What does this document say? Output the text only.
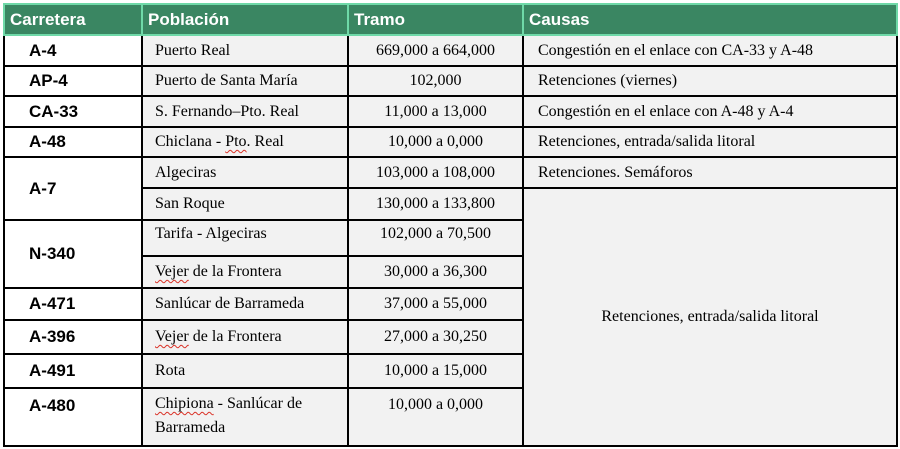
Carretera	Población	Tramo	Causas
A-4	Puerto Real	669,000 a 664,000	Congestión en el enlace con CA-33 y A-48
AP-4	Puerto de Santa María	102,000	Retenciones (viernes)
CA-33	S. Fernando–Pto. Real	11,000 a 13,000	Congestión en el enlace con A-48 y A-4
A-48	Chiclana - Pto. Real	10,000 a 0,000	Retenciones, entrada/salida litoral
A-7	Algeciras	103,000 a 108,000	Retenciones. Semáforos
	San Roque	130,000 a 133,800	Retenciones, entrada/salida litoral
N-340	Tarifa - Algeciras	102,000 a 70,500	
	Vejer de la Frontera	30,000 a 36,300	
A-471	Sanlúcar de Barrameda	37,000 a 55,000	
A-396	Vejer de la Frontera	27,000 a 30,250	
A-491	Rota	10,000 a 15,000	
A-480	Chipiona - Sanlúcar de Barrameda	10,000 a 0,000	
